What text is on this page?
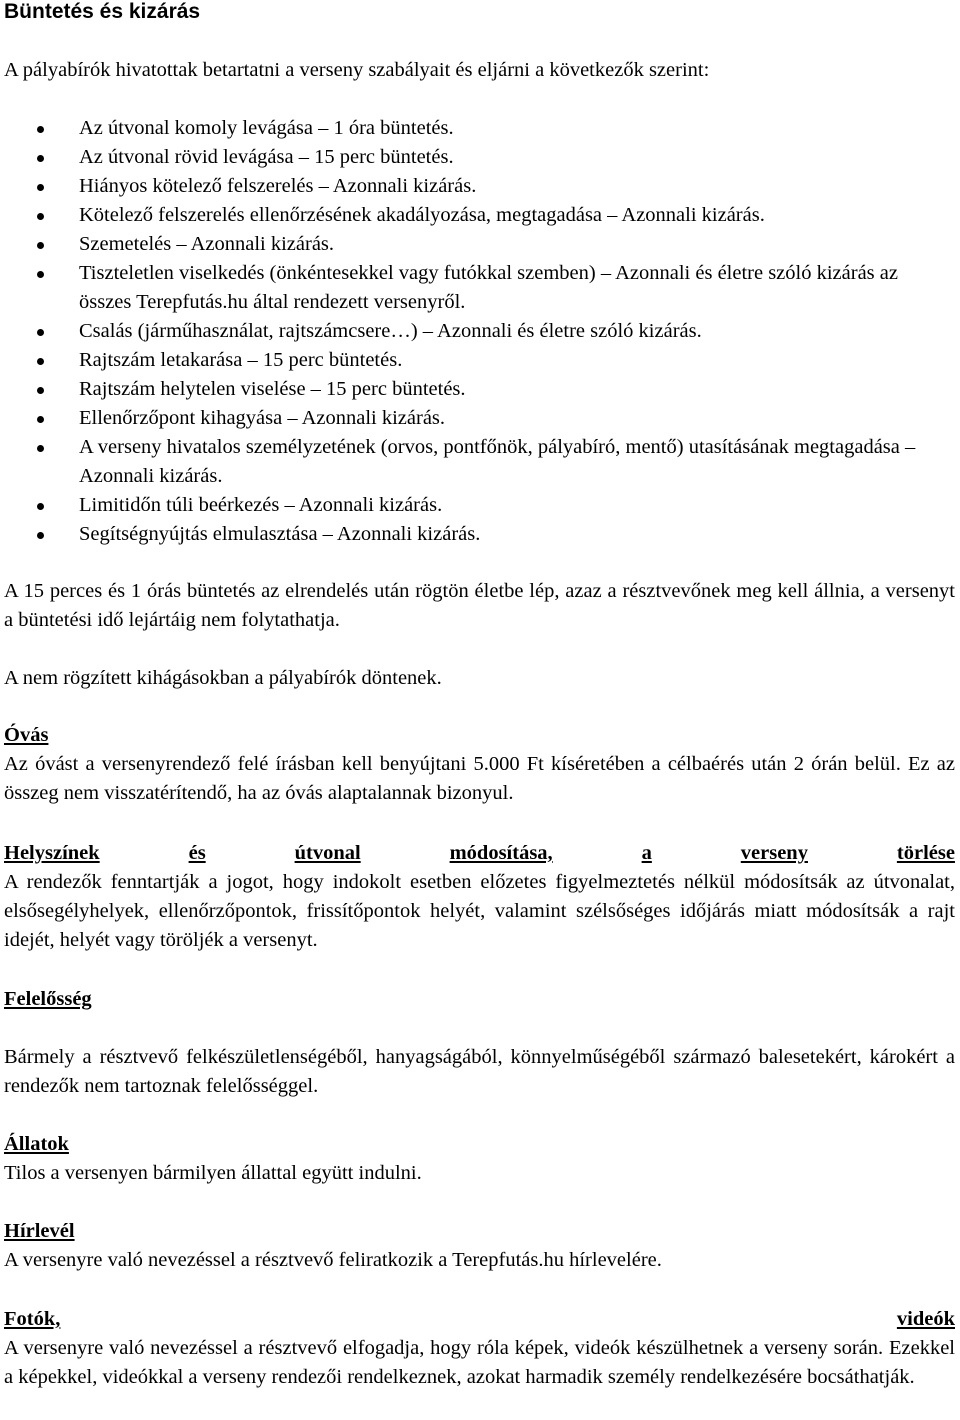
Büntetés és kizárás
A pályabírók hivatottak betartatni a verseny szabályait és eljárni a következők szerint:
Az útvonal komoly levágása – 1 óra büntetés.
Az útvonal rövid levágása – 15 perc büntetés.
Hiányos kötelező felszerelés – Azonnali kizárás.
Kötelező felszerelés ellenőrzésének akadályozása, megtagadása – Azonnali kizárás.
Szemetelés – Azonnali kizárás.
Tiszteletlen viselkedés (önkéntesekkel vagy futókkal szemben) – Azonnali és életre szóló kizárás az összes Terepfutás.hu által rendezett versenyről.
Csalás (járműhasználat, rajtszámcsere…) – Azonnali és életre szóló kizárás.
Rajtszám letakarása – 15 perc büntetés.
Rajtszám helytelen viselése – 15 perc büntetés.
Ellenőrzőpont kihagyása – Azonnali kizárás.
A verseny hivatalos személyzetének (orvos, pontfőnök, pályabíró, mentő) utasításának megtagadása – Azonnali kizárás.
Limitidőn túli beérkezés – Azonnali kizárás.
Segítségnyújtás elmulasztása – Azonnali kizárás.
A 15 perces és 1 órás büntetés az elrendelés után rögtön életbe lép, azaz a résztvevőnek meg kell állnia, a versenyt a büntetési idő lejártáig nem folytathatja.
A nem rögzített kihágásokban a pályabírók döntenek.
Óvás
Az óvást a versenyrendező felé írásban kell benyújtani 5.000 Ft kíséretében a célbaérés után 2 órán belül. Ez az összeg nem visszatérítendő, ha az óvás alaptalannak bizonyul.
Helyszínek	és	útvonal	módosítása,	a	verseny	törlése
A rendezők fenntartják a jogot, hogy indokolt esetben előzetes figyelmeztetés nélkül módosítsák az útvonalat, elsősegélyhelyek, ellenőrzőpontok, frissítőpontok helyét, valamint szélsőséges időjárás miatt módosítsák a rajt idejét, helyét vagy töröljék a versenyt.
Felelősség
Bármely a résztvevő felkészületlenségéből, hanyagságából, könnyelműségéből származó balesetekért, károkért a rendezők nem tartoznak felelősséggel.
Állatok
Tilos a versenyen bármilyen állattal együtt indulni.
Hírlevél
A versenyre való nevezéssel a résztvevő feliratkozik a Terepfutás.hu hírlevelére.
Fotók,	videók
A versenyre való nevezéssel a résztvevő elfogadja, hogy róla képek, videók készülhetnek a verseny során. Ezekkel a képekkel, videókkal a verseny rendezői rendelkeznek, azokat harmadik személy rendelkezésére bocsáthatják.
